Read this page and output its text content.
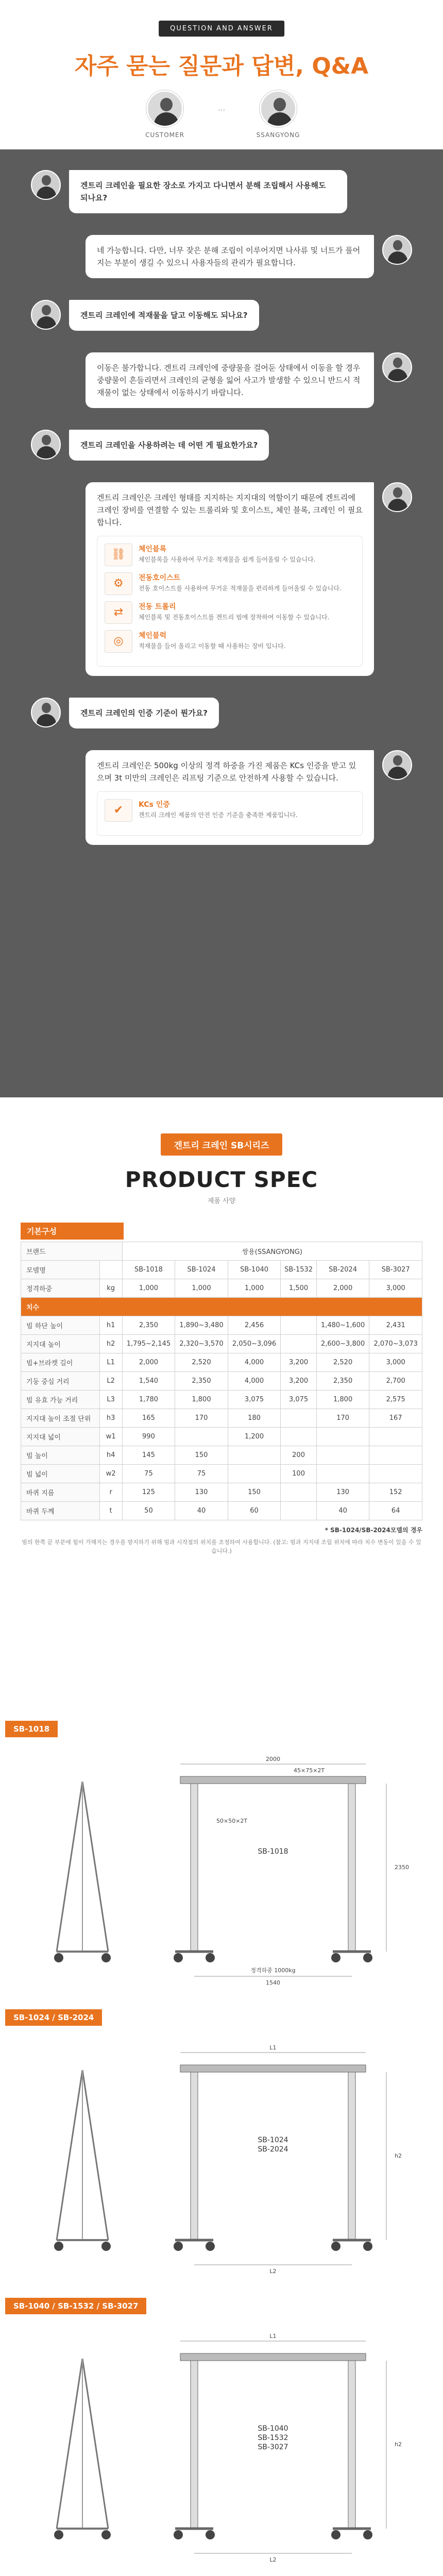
QUESTION AND ANSWER
자주 묻는 질문과 답변, Q&A
CUSTOMER
···
SSANGYONG
겐트리 크레인을 필요한 장소로 가지고 다니면서 분해 조립해서 사용해도 되나요?
네 가능합니다. 다만, 너무 잦은 분해 조립이 이루어지면 나사류 및 너트가 풀어지는 부분이 생길 수 있으니 사용자들의 관리가 필요합니다.
겐트리 크레인에 적재물을 달고 이동해도 되나요?
이동은 불가합니다. 겐트리 크레인에 중량물을 걸어둔 상태에서 이동을 할 경우 중량물이 흔들리면서 크레인의 균형을 잃어 사고가 발생할 수 있으니 반드시 적재물이 없는 상태에서 이동하시기 바랍니다.
겐트리 크레인을 사용하려는 데 어떤 게 필요한가요?
겐트리 크레인은 크레인 형태를 지지하는 지지대의 역할이기 때문에 겐트리에 크레인 장비를 연결할 수 있는 트롤리와 및 호이스트, 체인 블록, 크레인 이 필요합니다.
⛓	체인블록
체인블록을 사용하여 무거운 적재물을 쉽게 들어올릴 수 있습니다.
⚙	전동호이스트
전동 호이스트를 사용하여 무거운 적재물을 편리하게 들어올릴 수 있습니다.
⇄	전동 트롤리
체인블록 및 전동호이스트를 겐트리 빔에 장착하여 이동할 수 있습니다.
◎	체인블럭
적재물을 들어 올리고 이동할 때 사용하는 장비 입니다.
겐트리 크레인의 인증 기준이 뭔가요?
겐트리 크레인은 500kg 이상의 정격 하중을 가진 제품은 KCs 인증을 받고 있으며 3t 미만의 크레인은 리프팅 기준으로 안전하게 사용할 수 있습니다.
✔	KCs 인증
겐트리 크레인 제품의 안전 인증 기준을 충족한 제품입니다.
겐트리 크레인 SB시리즈
PRODUCT SPEC
제품 사양
기본구성
브랜드		쌍용(SSANGYONG)					
모델명		SB-1018	SB-1024	SB-1040	SB-1532	SB-2024	SB-3027
정격하중	kg	1,000	1,000	1,000	1,500	2,000	3,000
치수							
빔 하단 높이	h1	2,350	1,890~3,480	2,456		1,480~1,600	2,431
지지대 높이	h2	1,795~2,145	2,320~3,570	2,050~3,096		2,600~3,800	2,070~3,073
빔+브라켓 길이	L1	2,000	2,520	4,000	3,200	2,520	3,000
기둥 중심 거리	L2	1,540	2,350	4,000	3,200	2,350	2,700
빔 유효 가능 거리	L3	1,780	1,800	3,075	3,075	1,800	2,575
지지대 높이 조절 단위	h3	165	170	180		170	167
지지대 넓이	w1	990		1,200			
빔 높이	h4	145	150		200		
빔 넓이	w2	75	75		100		
바퀴 지름	r	125	130	150		130	152
바퀴 두께	t	50	40	60		40	64
* SB-1024/SB-2024모델의 경우
빔의 한쪽 끝 부분에 힘이 가해지는 경우를 방지하기 위해 빔과 시작점의 위치를 조정하여 사용합니다. (참고: 빔과 지지대 조립 위치에 따라 치수 변동이 있을 수 있습니다.)
SB-1018
2000
1540
2350
SB-1018
45×75×2T
50×50×2T
정격하중 1000kg
SB-1024 / SB-2024
L1
L2
h2
SB-1024
SB-2024
SB-1040 / SB-1532 / SB-3027
L1
L2
h2
SB-1040
SB-1532
SB-3027
